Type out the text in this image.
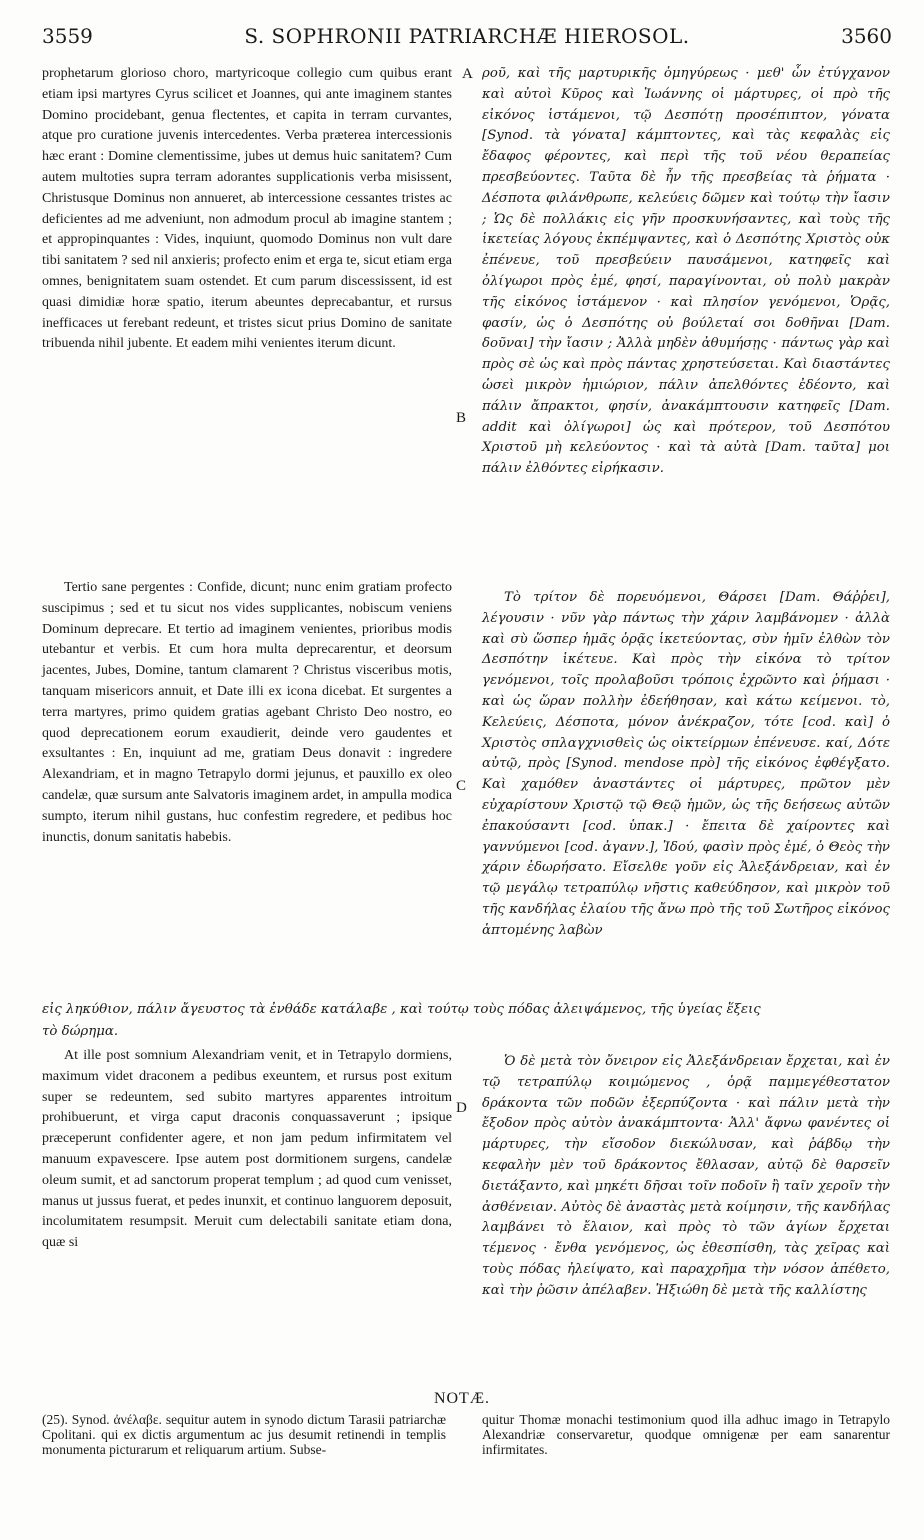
3559	S. SOPHRONII PATRIARCHÆ HIEROSOL.	3560

prophetarum glorioso choro, martyricoque collegio cum quibus erant etiam ipsi martyres Cyrus scilicet et Joannes, qui ante imaginem stantes Domino procidebant, genua flectentes, et capita in terram curvantes, atque pro curatione juvenis intercedentes. Verba præterea intercessionis hæc erant : Domine clementissime, jubes ut demus huic sanitatem? Cum autem multoties supra terram adorantes supplicationis verba misissent, Christusque Dominus non annueret, ab intercessione cessantes tristes ac deficientes ad me adveniunt, non admodum procul ab imagine stantem ; et appropinquantes : Vides, inquiunt, quomodo Dominus non vult dare tibi sanitatem ? sed nil anxieris; profecto enim et erga te, sicut etiam erga omnes, benignitatem suam ostendet. Et cum parum discessissent, id est quasi dimidiæ horæ spatio, iterum abeuntes deprecabantur, et rursus inefficaces ut ferebant redeunt, et tristes sicut prius Domino de sanitate tribuenda nihil jubente. Et eadem mihi venientes iterum dicunt.

ροῦ, καὶ τῆς μαρτυρικῆς ὁμηγύρεως · μεθ' ὧν ἐτύγχανον καὶ αὐτοὶ Κῦρος καὶ Ἰωάννης οἱ μάρτυρες, οἱ πρὸ τῆς εἰκόνος ἱστάμενοι, τῷ Δεσπότῃ προσέπιπτον, γόνατα [Synod. τὰ γόνατα] κάμπτοντες, καὶ τὰς κεφαλὰς εἰς ἔδαφος φέροντες, καὶ περὶ τῆς τοῦ νέου θεραπείας πρεσβεύοντες. Ταῦτα δὲ ἦν τῆς πρεσβείας τὰ ῥήματα · Δέσποτα φιλάνθρωπε, κελεύεις δῶμεν καὶ τούτῳ τὴν ἴασιν ; Ὡς δὲ πολλάκις εἰς γῆν προσκυνήσαντες, καὶ τοὺς τῆς ἱκετείας λόγους ἐκπέμψαντες, καὶ ὁ Δεσπότης Χριστὸς οὐκ ἐπένευε, τοῦ πρεσβεύειν παυσάμενοι, κατηφεῖς καὶ ὀλίγωροι πρὸς ἐμέ, φησί, παραγίνονται, οὐ πολὺ μακρὰν τῆς εἰκόνος ἱστάμενον · καὶ πλησίον γενόμενοι, Ὁρᾷς, φασίν, ὡς ὁ Δεσπότης οὐ βούλεταί σοι δοθῆναι [Dam. δοῦναι] τὴν ἴασιν ; Ἀλλὰ μηδὲν ἀθυμήσῃς · πάντως γὰρ καὶ πρὸς σὲ ὡς καὶ πρὸς πάντας χρηστεύσεται. Καὶ διαστάντες ὡσεὶ μικρὸν ἡμιώριον, πάλιν ἀπελθόντες ἐδέοντο, καὶ πάλιν ἄπρακτοι, φησίν, ἀνακάμπτουσιν κατηφεῖς [Dam. addit καὶ ὀλίγωροι] ὡς καὶ πρότερον, τοῦ Δεσπότου Χριστοῦ μὴ κελεύοντος · καὶ τὰ αὐτὰ [Dam. ταῦτα] μοι πάλιν ἐλθόντες εἰρήκασιν.

Tertio sane pergentes : Confide, dicunt; nunc enim gratiam profecto suscipimus ; sed et tu sicut nos vides supplicantes, nobiscum veniens Dominum deprecare. Et tertio ad imaginem venientes, prioribus modis utebantur et verbis. Et cum hora multa deprecarentur, et deorsum jacentes, Jubes, Domine, tantum clamarent ? Christus visceribus motis, tanquam misericors annuit, et Date illi ex icona dicebat. Et surgentes a terra martyres, primo quidem gratias agebant Christo Deo nostro, eo quod deprecationem eorum exaudierit, deinde vero gaudentes et exsultantes : En, inquiunt ad me, gratiam Deus donavit : ingredere Alexandriam, et in magno Tetrapylo dormi jejunus, et pauxillo ex oleo candelæ, quæ sursum ante Salvatoris imaginem ardet, in ampulla modica sumpto, iterum nihil gustans, huc confestim regredere, et pedibus hoc inunctis, donum sanitatis habebis.

Τὸ τρίτον δὲ πορευόμενοι, Θάρσει [Dam. Θάῤῥει], λέγουσιν · νῦν γὰρ πάντως τὴν χάριν λαμβάνομεν · ἀλλὰ καὶ σὺ ὥσπερ ἡμᾶς ὁρᾷς ἱκετεύοντας, σὺν ἡμῖν ἐλθὼν τὸν Δεσπότην ἱκέτευε. Καὶ πρὸς τὴν εἰκόνα τὸ τρίτον γενόμενοι, τοῖς προλαβοῦσι τρόποις ἐχρῶντο καὶ ῥήμασι · καὶ ὡς ὥραν πολλὴν ἐδεήθησαν, καὶ κάτω κείμενοι. τὸ, Κελεύεις, Δέσποτα, μόνον ἀνέκραζον, τότε [cod. καὶ] ὁ Χριστὸς σπλαγχνισθεὶς ὡς οἰκτείρμων ἐπένευσε. καί, Δότε αὐτῷ, πρὸς [Synod. mendose πρὸ] τῆς εἰκόνος ἐφθέγξατο. Καὶ χαμόθεν ἀναστάντες οἱ μάρτυρες, πρῶτον μὲν εὐχαρίστουν Χριστῷ τῷ Θεῷ ἡμῶν, ὡς τῆς δεήσεως αὐτῶν ἐπακούσαντι [cod. ὑπακ.] · ἔπειτα δὲ χαίροντες καὶ γαννύμενοι [cod. ἀγανν.], Ἰδού, φασὶν πρὸς ἐμέ, ὁ Θεὸς τὴν χάριν ἐδωρήσατο. Εἴσελθε γοῦν εἰς Ἀλεξάνδρειαν, καὶ ἐν τῷ μεγάλῳ τετραπύλῳ νῆστις καθεύδησον, καὶ μικρὸν τοῦ τῆς κανδήλας ἐλαίου τῆς ἄνω πρὸ τῆς τοῦ Σωτῆρος εἰκόνος ἁπτομένης λαβὼν

εἰς ληκύθιον, πάλιν ἄγευστος τὰ ἐνθάδε κατάλαβε , καὶ τούτῳ τοὺς πόδας ἀλειψάμενος, τῆς ὑγείας ἕξεις
τὸ δώρημα.

At ille post somnium Alexandriam venit, et in Tetrapylo dormiens, maximum videt draconem a pedibus exeuntem, et rursus post exitum super se redeuntem, sed subito martyres apparentes introitum prohibuerunt, et virga caput draconis conquassaverunt ; ipsique præceperunt confidenter agere, et non jam pedum infirmitatem vel manuum expavescere. Ipse autem post dormitionem surgens, candelæ oleum sumit, et ad sanctorum properat templum ; ad quod cum venisset, manus ut jussus fuerat, et pedes inunxit, et continuo languorem deposuit, incolumitatem resumpsit. Meruit cum delectabili sanitate etiam dona, quæ si

Ὁ δὲ μετὰ τὸν ὄνειρον εἰς Ἀλεξάνδρειαν ἔρχεται, καὶ ἐν τῷ τετραπύλῳ κοιμώμενος , ὁρᾷ παμμεγέθεστατον δράκοντα τῶν ποδῶν ἐξερπύζοντα · καὶ πάλιν μετὰ τὴν ἔξοδον πρὸς αὐτὸν ἀνακάμπτοντα· Ἀλλ' ἄφνω φανέντες οἱ μάρτυρες, τὴν εἴσοδον διεκώλυσαν, καὶ ῥάβδῳ τὴν κεφαλὴν μὲν τοῦ δράκοντος ἔθλασαν, αὐτῷ δὲ θαρσεῖν διετάξαντο, καὶ μηκέτι δῆσαι τοῖν ποδοῖν ἢ ταῖν χεροῖν τὴν ἀσθένειαν. Αὐτὸς δὲ ἀναστὰς μετὰ κοίμησιν, τῆς κανδήλας λαμβάνει τὸ ἔλαιον, καὶ πρὸς τὸ τῶν ἁγίων ἔρχεται τέμενος · ἔνθα γενόμενος, ὡς ἐθεσπίσθη, τὰς χεῖρας καὶ τοὺς πόδας ἠλείψατο, καὶ παραχρῆμα τὴν νόσον ἀπέθετο, καὶ τὴν ῥῶσιν ἀπέλαβεν. Ἠξιώθη δὲ μετὰ τῆς καλλίστης

A
B
C
D
NOTÆ.

(25). Synod. ἀνέλαβε. sequitur autem in synodo dictum Tarasii patriarchæ Cpolitani. qui ex dictis argumentum ac jus desumit retinendi in templis monumenta picturarum et reliquarum artium. Subse-

quitur Thomæ monachi testimonium quod illa adhuc imago in Tetrapylo Alexandriæ conservaretur, quodque omnigenæ per eam sanarentur infirmitates.
